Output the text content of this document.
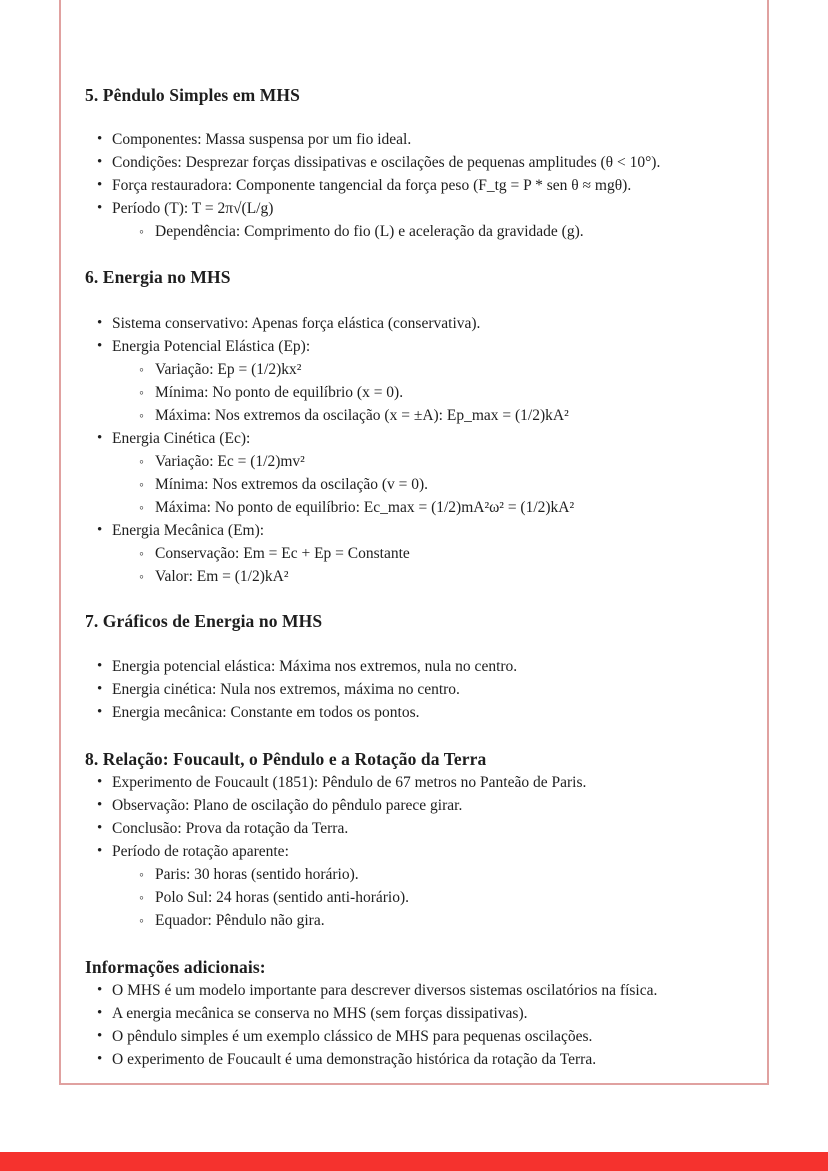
5. Pêndulo Simples em MHS
• Componentes: Massa suspensa por um fio ideal.
• Condições: Desprezar forças dissipativas e oscilações de pequenas amplitudes (θ < 10°).
• Força restauradora: Componente tangencial da força peso (F_tg = P * sen θ ≈ mgθ).
• Período (T): T = 2π√(L/g)
◦ Dependência: Comprimento do fio (L) e aceleração da gravidade (g).
6. Energia no MHS
• Sistema conservativo: Apenas força elástica (conservativa).
• Energia Potencial Elástica (Ep):
◦ Variação: Ep = (1/2)kx²
◦ Mínima: No ponto de equilíbrio (x = 0).
◦ Máxima: Nos extremos da oscilação (x = ±A): Ep_max = (1/2)kA²
• Energia Cinética (Ec):
◦ Variação: Ec = (1/2)mv²
◦ Mínima: Nos extremos da oscilação (v = 0).
◦ Máxima: No ponto de equilíbrio: Ec_max = (1/2)mA²ω² = (1/2)kA²
• Energia Mecânica (Em):
◦ Conservação: Em = Ec + Ep = Constante
◦ Valor: Em = (1/2)kA²
7. Gráficos de Energia no MHS
• Energia potencial elástica: Máxima nos extremos, nula no centro.
• Energia cinética: Nula nos extremos, máxima no centro.
• Energia mecânica: Constante em todos os pontos.
8. Relação: Foucault, o Pêndulo e a Rotação da Terra
• Experimento de Foucault (1851): Pêndulo de 67 metros no Panteão de Paris.
• Observação: Plano de oscilação do pêndulo parece girar.
• Conclusão: Prova da rotação da Terra.
• Período de rotação aparente:
◦ Paris: 30 horas (sentido horário).
◦ Polo Sul: 24 horas (sentido anti-horário).
◦ Equador: Pêndulo não gira.
Informações adicionais:
• O MHS é um modelo importante para descrever diversos sistemas oscilatórios na física.
• A energia mecânica se conserva no MHS (sem forças dissipativas).
• O pêndulo simples é um exemplo clássico de MHS para pequenas oscilações.
• O experimento de Foucault é uma demonstração histórica da rotação da Terra.
